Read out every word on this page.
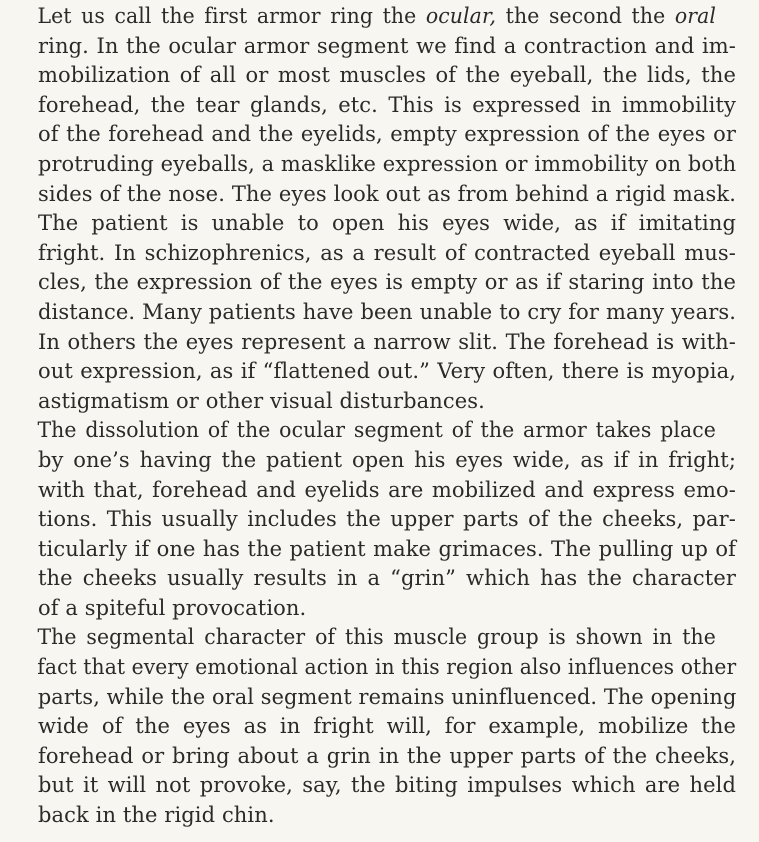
Let us call the first armor ring the ocular, the second the oral
ring. In the ocular armor segment we find a contraction and im-
mobilization of all or most muscles of the eyeball, the lids, the
forehead, the tear glands, etc. This is expressed in immobility
of the forehead and the eyelids, empty expression of the eyes or
protruding eyeballs, a masklike expression or immobility on both
sides of the nose. The eyes look out as from behind a rigid mask.
The patient is unable to open his eyes wide, as if imitating
fright. In schizophrenics, as a result of contracted eyeball mus-
cles, the expression of the eyes is empty or as if staring into the
distance. Many patients have been unable to cry for many years.
In others the eyes represent a narrow slit. The forehead is with-
out expression, as if “flattened out.” Very often, there is myopia,
astigmatism or other visual disturbances.
The dissolution of the ocular segment of the armor takes place
by one’s having the patient open his eyes wide, as if in fright;
with that, forehead and eyelids are mobilized and express emo-
tions. This usually includes the upper parts of the cheeks, par-
ticularly if one has the patient make grimaces. The pulling up of
the cheeks usually results in a “grin” which has the character
of a spiteful provocation.
The segmental character of this muscle group is shown in the
fact that every emotional action in this region also influences other
parts, while the oral segment remains uninfluenced. The opening
wide of the eyes as in fright will, for example, mobilize the
forehead or bring about a grin in the upper parts of the cheeks,
but it will not provoke, say, the biting impulses which are held
back in the rigid chin.
